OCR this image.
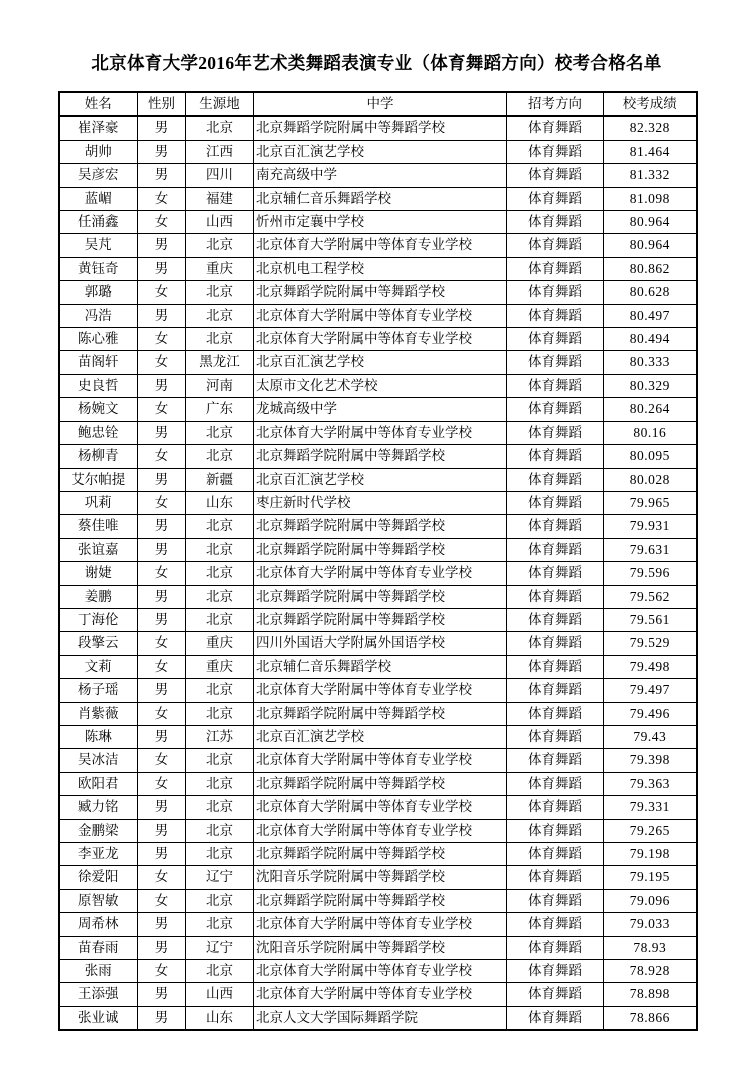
北京体育大学2016年艺术类舞蹈表演专业（体育舞蹈方向）校考合格名单
姓名	性别	生源地	中学	招考方向	校考成绩
崔泽豪	男	北京	北京舞蹈学院附属中等舞蹈学校	体育舞蹈	82.328
胡帅	男	江西	北京百汇演艺学校	体育舞蹈	81.464
吴彦宏	男	四川	南充高级中学	体育舞蹈	81.332
蓝嵋	女	福建	北京辅仁音乐舞蹈学校	体育舞蹈	81.098
任涌鑫	女	山西	忻州市定襄中学校	体育舞蹈	80.964
吴芃	男	北京	北京体育大学附属中等体育专业学校	体育舞蹈	80.964
黄钰奇	男	重庆	北京机电工程学校	体育舞蹈	80.862
郭璐	女	北京	北京舞蹈学院附属中等舞蹈学校	体育舞蹈	80.628
冯浩	男	北京	北京体育大学附属中等体育专业学校	体育舞蹈	80.497
陈心雅	女	北京	北京体育大学附属中等体育专业学校	体育舞蹈	80.494
苗阁轩	女	黑龙江	北京百汇演艺学校	体育舞蹈	80.333
史良哲	男	河南	太原市文化艺术学校	体育舞蹈	80.329
杨婉文	女	广东	龙城高级中学	体育舞蹈	80.264
鲍忠铨	男	北京	北京体育大学附属中等体育专业学校	体育舞蹈	80.16
杨柳青	女	北京	北京舞蹈学院附属中等舞蹈学校	体育舞蹈	80.095
艾尔帕提	男	新疆	北京百汇演艺学校	体育舞蹈	80.028
巩莉	女	山东	枣庄新时代学校	体育舞蹈	79.965
蔡佳唯	男	北京	北京舞蹈学院附属中等舞蹈学校	体育舞蹈	79.931
张谊嘉	男	北京	北京舞蹈学院附属中等舞蹈学校	体育舞蹈	79.631
谢婕	女	北京	北京体育大学附属中等体育专业学校	体育舞蹈	79.596
姜鹏	男	北京	北京舞蹈学院附属中等舞蹈学校	体育舞蹈	79.562
丁海伦	男	北京	北京舞蹈学院附属中等舞蹈学校	体育舞蹈	79.561
段擎云	女	重庆	四川外国语大学附属外国语学校	体育舞蹈	79.529
文莉	女	重庆	北京辅仁音乐舞蹈学校	体育舞蹈	79.498
杨子瑶	男	北京	北京体育大学附属中等体育专业学校	体育舞蹈	79.497
肖紫薇	女	北京	北京舞蹈学院附属中等舞蹈学校	体育舞蹈	79.496
陈琳	男	江苏	北京百汇演艺学校	体育舞蹈	79.43
吴冰洁	女	北京	北京体育大学附属中等体育专业学校	体育舞蹈	79.398
欧阳君	女	北京	北京舞蹈学院附属中等舞蹈学校	体育舞蹈	79.363
臧力铭	男	北京	北京体育大学附属中等体育专业学校	体育舞蹈	79.331
金鹏梁	男	北京	北京体育大学附属中等体育专业学校	体育舞蹈	79.265
李亚龙	男	北京	北京舞蹈学院附属中等舞蹈学校	体育舞蹈	79.198
徐爱阳	女	辽宁	沈阳音乐学院附属中等舞蹈学校	体育舞蹈	79.195
原智敏	女	北京	北京舞蹈学院附属中等舞蹈学校	体育舞蹈	79.096
周希林	男	北京	北京体育大学附属中等体育专业学校	体育舞蹈	79.033
苗春雨	男	辽宁	沈阳音乐学院附属中等舞蹈学校	体育舞蹈	78.93
张雨	女	北京	北京体育大学附属中等体育专业学校	体育舞蹈	78.928
王添强	男	山西	北京体育大学附属中等体育专业学校	体育舞蹈	78.898
张业诚	男	山东	北京人文大学国际舞蹈学院	体育舞蹈	78.866
